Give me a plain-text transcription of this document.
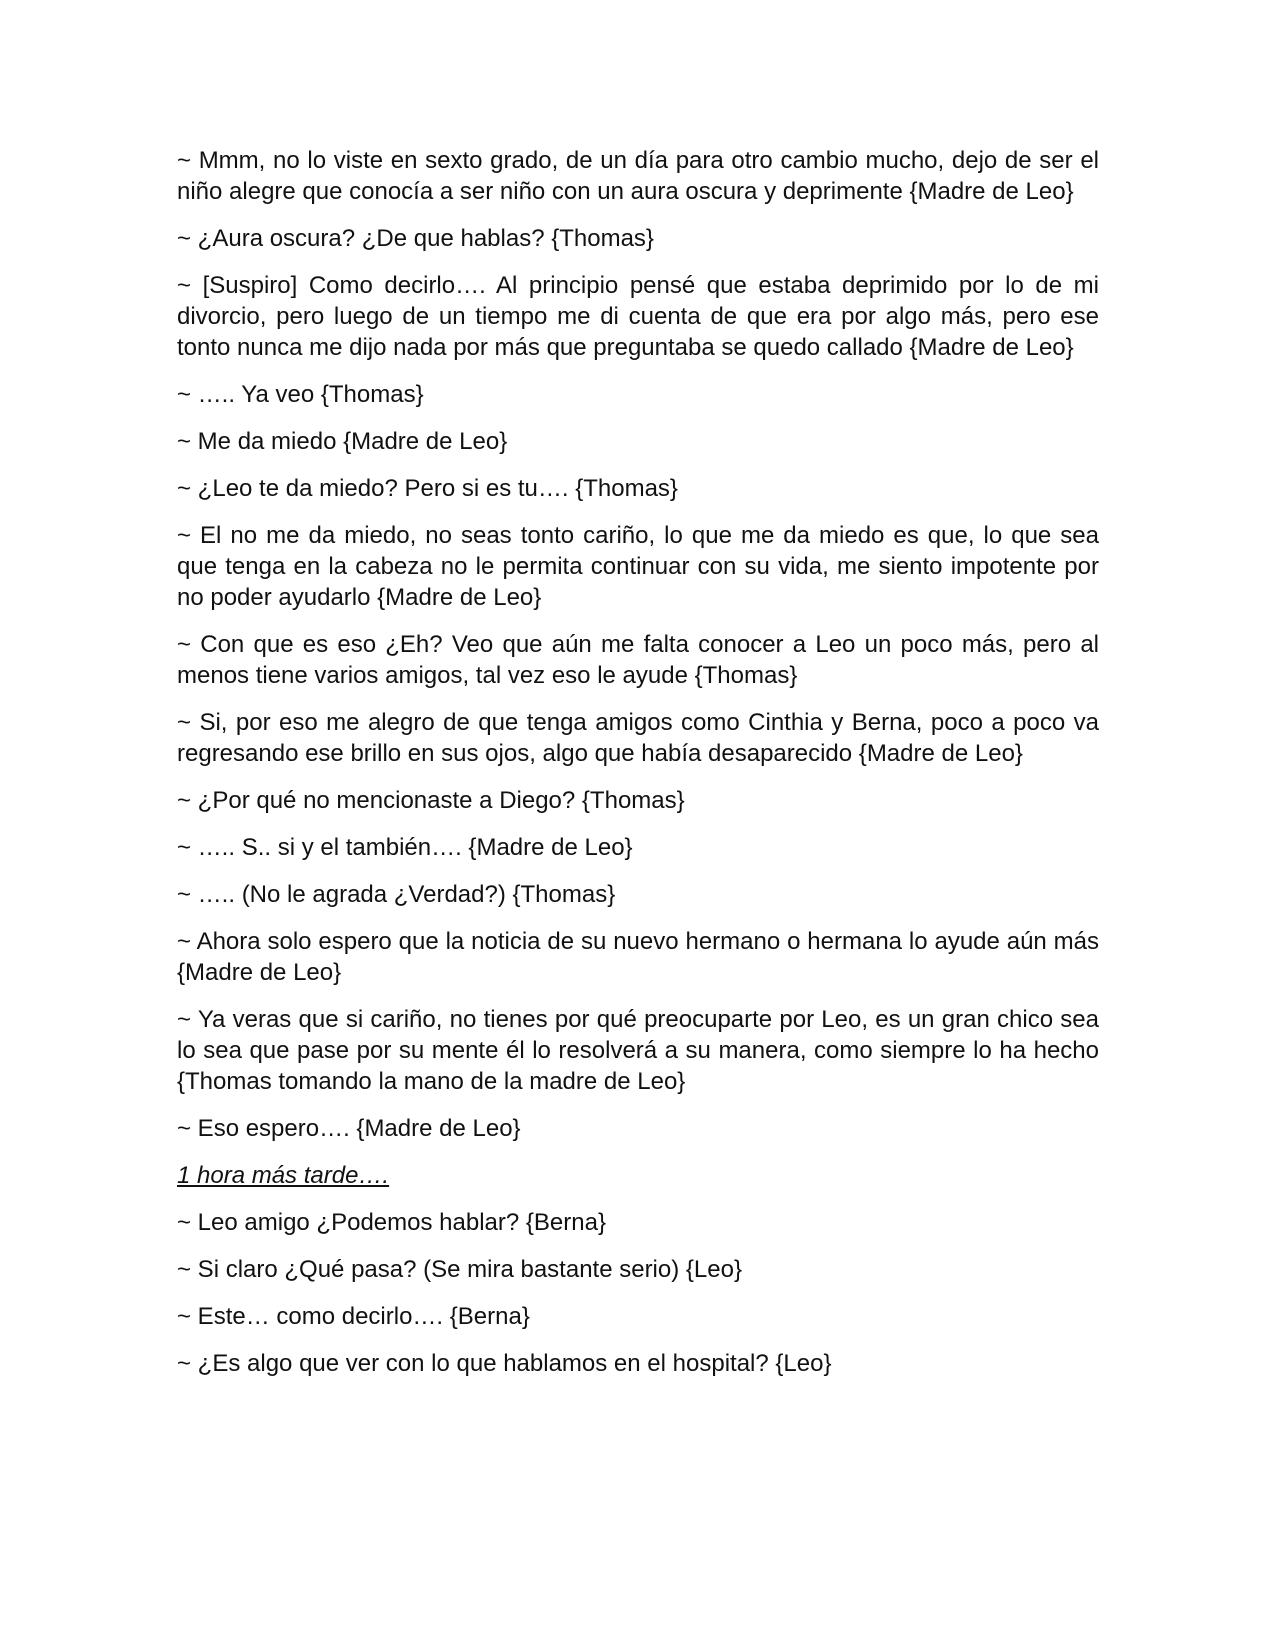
~ Mmm, no lo viste en sexto grado, de un día para otro cambio mucho, dejo de ser el niño alegre que conocía a ser niño con un aura oscura y deprimente {Madre de Leo}

~ ¿Aura oscura? ¿De que hablas? {Thomas}

~ [Suspiro] Como decirlo…. Al principio pensé que estaba deprimido por lo de mi divorcio, pero luego de un tiempo me di cuenta de que era por algo más, pero ese tonto nunca me dijo nada por más que preguntaba se quedo callado {Madre de Leo}

~ ….. Ya veo {Thomas}

~ Me da miedo {Madre de Leo}

~ ¿Leo te da miedo? Pero si es tu…. {Thomas}

~ El no me da miedo, no seas tonto cariño, lo que me da miedo es que, lo que sea que tenga en la cabeza no le permita continuar con su vida, me siento impotente por no poder ayudarlo {Madre de Leo}

~ Con que es eso ¿Eh? Veo que aún me falta conocer a Leo un poco más, pero al menos tiene varios amigos, tal vez eso le ayude {Thomas}

~ Si, por eso me alegro de que tenga amigos como Cinthia y Berna, poco a poco va regresando ese brillo en sus ojos, algo que había desaparecido {Madre de Leo}

~ ¿Por qué no mencionaste a Diego? {Thomas}

~ ….. S.. si y el también…. {Madre de Leo}

~ ….. (No le agrada ¿Verdad?) {Thomas}

~ Ahora solo espero que la noticia de su nuevo hermano o hermana lo ayude aún más {Madre de Leo}

~ Ya veras que si cariño, no tienes por qué preocuparte por Leo, es un gran chico sea lo sea que pase por su mente él lo resolverá a su manera, como siempre lo ha hecho {Thomas tomando la mano de la madre de Leo}

~ Eso espero…. {Madre de Leo}

1 hora más tarde….

~ Leo amigo ¿Podemos hablar? {Berna}

~ Si claro ¿Qué pasa? (Se mira bastante serio) {Leo}

~ Este… como decirlo…. {Berna}

~ ¿Es algo que ver con lo que hablamos en el hospital? {Leo}
